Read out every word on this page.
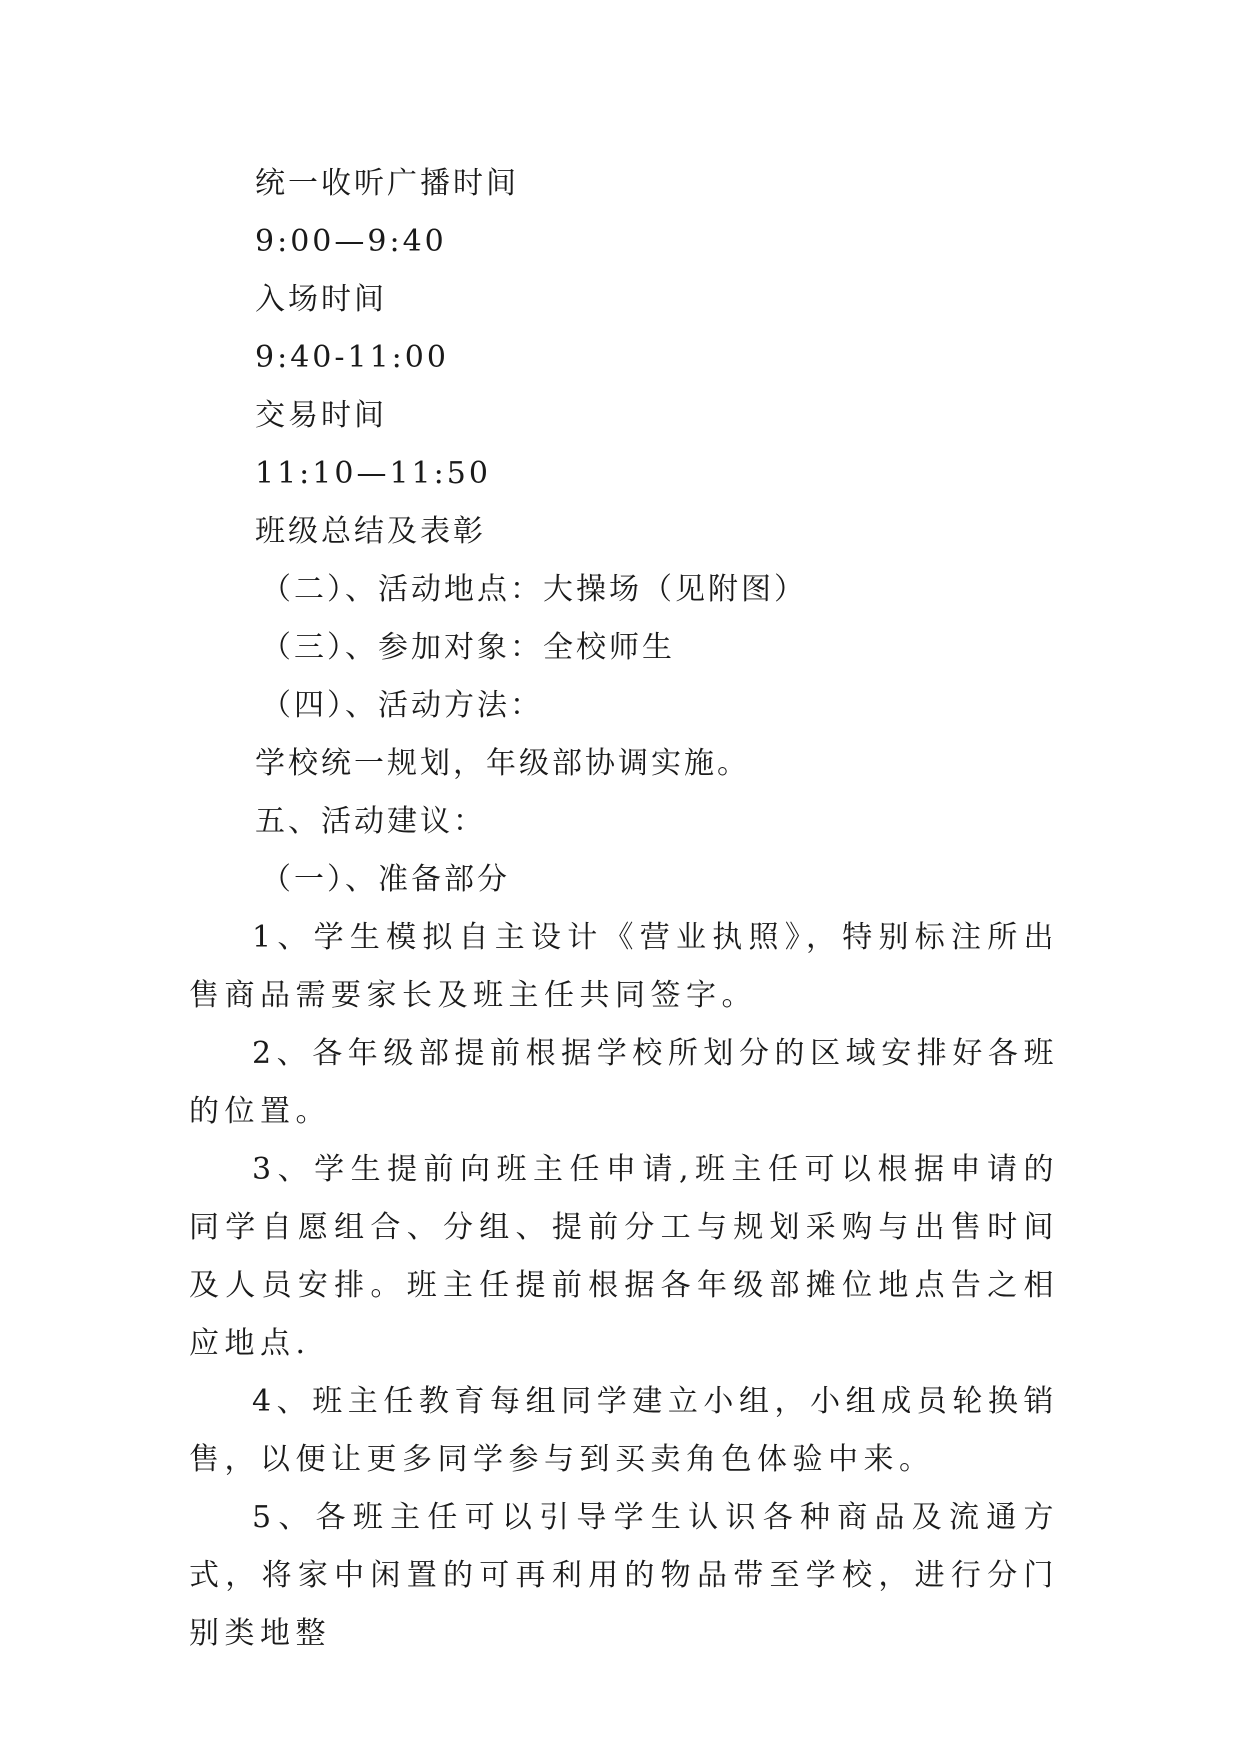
统一收听广播时间
9:00—9:40
入场时间
9:40-11:00
交易时间
11:10—11:50
班级总结及表彰
（二）、活动地点：大操场（见附图）
（三）、参加对象：全校师生
（四）、活动方法：
学校统一规划，年级部协调实施。
五、活动建议：
（一）、准备部分

1、学生模拟自主设计《营业执照》，特别标注所出售商品需要家长及班主任共同签字。

2、各年级部提前根据学校所划分的区域安排好各班的位置。

3、学生提前向班主任申请,班主任可以根据申请的同学自愿组合、分组、提前分工与规划采购与出售时间及人员安排。班主任提前根据各年级部摊位地点告之相应地点.

4、班主任教育每组同学建立小组，小组成员轮换销售，以便让更多同学参与到买卖角色体验中来。

5、各班主任可以引导学生认识各种商品及流通方式，将家中闲置的可再利用的物品带至学校，进行分门别类地整
